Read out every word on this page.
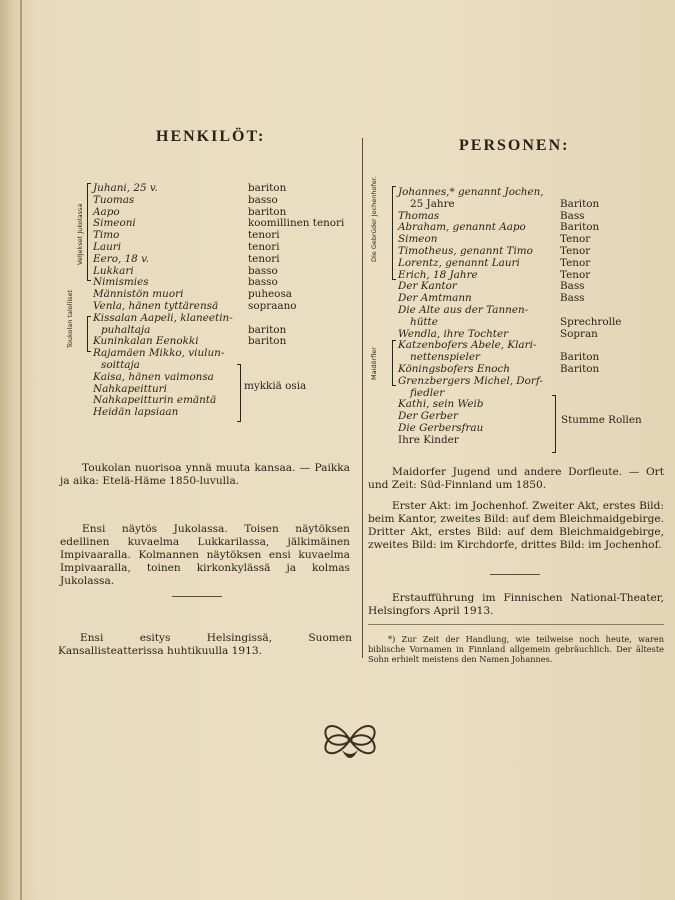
HENKILÖT:
PERSONEN:
Veljekset Jukolassa
Toukolan talolliset
mykkiä osia
Juhani, 25 v.	bariton
Tuomas	basso
Aapo	bariton
Simeoni	koomillinen tenori
Timo	tenori
Lauri	tenori
Eero, 18 v.	tenori
Lukkari	basso
Nimismies	basso
Männistön muori	puheosa
Venla, hänen tyttärensä	sopraano
Kissalan Aapeli, klaneetin-
puhaltaja	bariton
Kuninkalan Eenokki	bariton
Rajamäen Mikko, viulun-
soittaja
Kaisa, hänen vaimonsa
Nahkapeitturi
Nahkapeitturin emäntä
Heidän lapsiaan
Die Gebrüder Jochenhofer.
Maidörfler
Stumme Rollen
Johannes,* genannt Jochen,
25 Jahre	Bariton
Thomas	Bass
Abraham, genannt Aapo	Bariton
Simeon	Tenor
Timotheus, genannt Timo	Tenor
Lorentz, genannt Lauri	Tenor
Erich, 18 Jahre	Tenor
Der Kantor	Bass
Der Amtmann	Bass
Die Alte aus der Tannen-
hütte	Sprechrolle
Wendla, ihre Tochter	Sopran
Katzenbofers Abele, Klari-
nettenspieler	Bariton
Köningsbofers Enoch	Bariton
Grenzbergers Michel, Dorf-
fiedler
Kathi, sein Weib
Der Gerber
Die Gerbersfrau
Ihre Kinder
Toukolan nuorisoa ynnä muuta kansaa. — Paikka ja aika: Etelä-Häme 1850-luvulla.
Ensi näytös Jukolassa. Toisen näytöksen edellinen kuvaelma Lukkarilassa, jälkimäinen Impivaaralla. Kolmannen näytöksen ensi kuvaelma Impivaaralla, toinen kirkonkylässä ja kolmas Jukolassa.
Ensi esitys Helsingissä, Suomen Kansallisteatterissa huhtikuulla 1913.
Maidorfer Jugend und andere Dorfleute. — Ort und Zeit: Süd-Finnland um 1850.
Erster Akt: im Jochenhof. Zweiter Akt, erstes Bild: beim Kantor, zweites Bild: auf dem Bleichmaidgebirge. Dritter Akt, erstes Bild: auf dem Bleichmaidgebirge, zweites Bild: im Kirchdorfe, drittes Bild: im Jochenhof.
Erstaufführung im Finnischen National-Theater, Helsingfors April 1913.
*) Zur Zeit der Handlung, wie teilweise noch heute, waren biblische Vornamen in Finnland allgemein gebräuchlich. Der älteste Sohn erhielt meistens den Namen Johannes.
